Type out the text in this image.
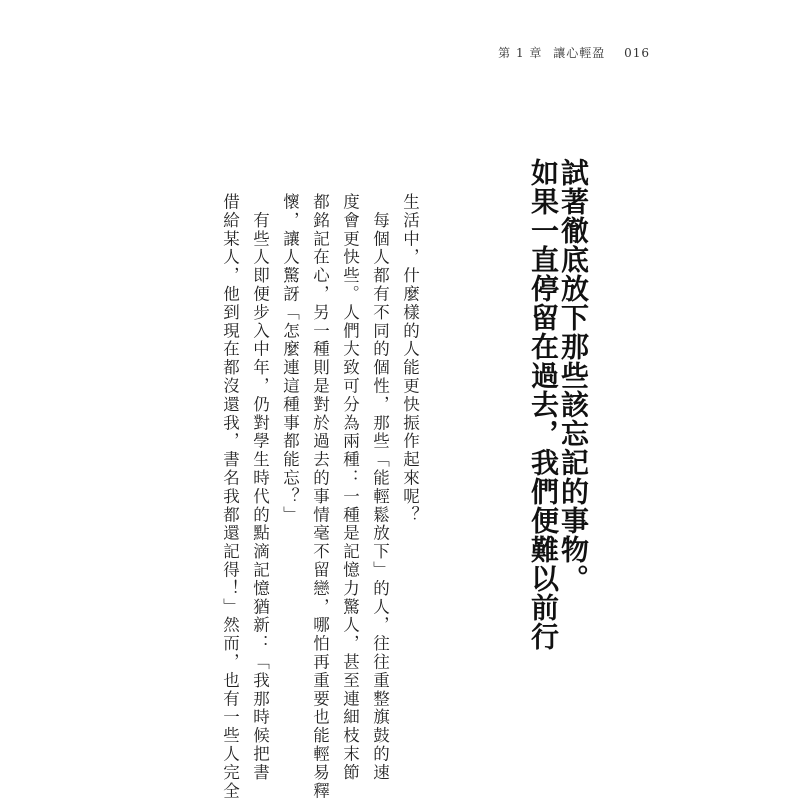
第 1 章 讓心輕盈 016
試著徹底放下那些該忘記的事物。
如果一直停留在過去，我們便難以前行
生活中，什麼樣的人能更快振作起來呢？
　每個人都有不同的個性，那些「能輕鬆放下」的人，往往重整旗鼓的速
度會更快些。人們大致可分為兩種：一種是記憶力驚人，甚至連細枝末節
都銘記在心，另一種則是對於過去的事情毫不留戀，哪怕再重要也能輕易釋
懷，讓人驚訝「怎麼連這種事都能忘？」
　有些人即便步入中年，仍對學生時代的點滴記憶猶新：「我那時候把書
借給某人，他到現在都沒還我，書名我都還記得！」然而，也有一些人完全
